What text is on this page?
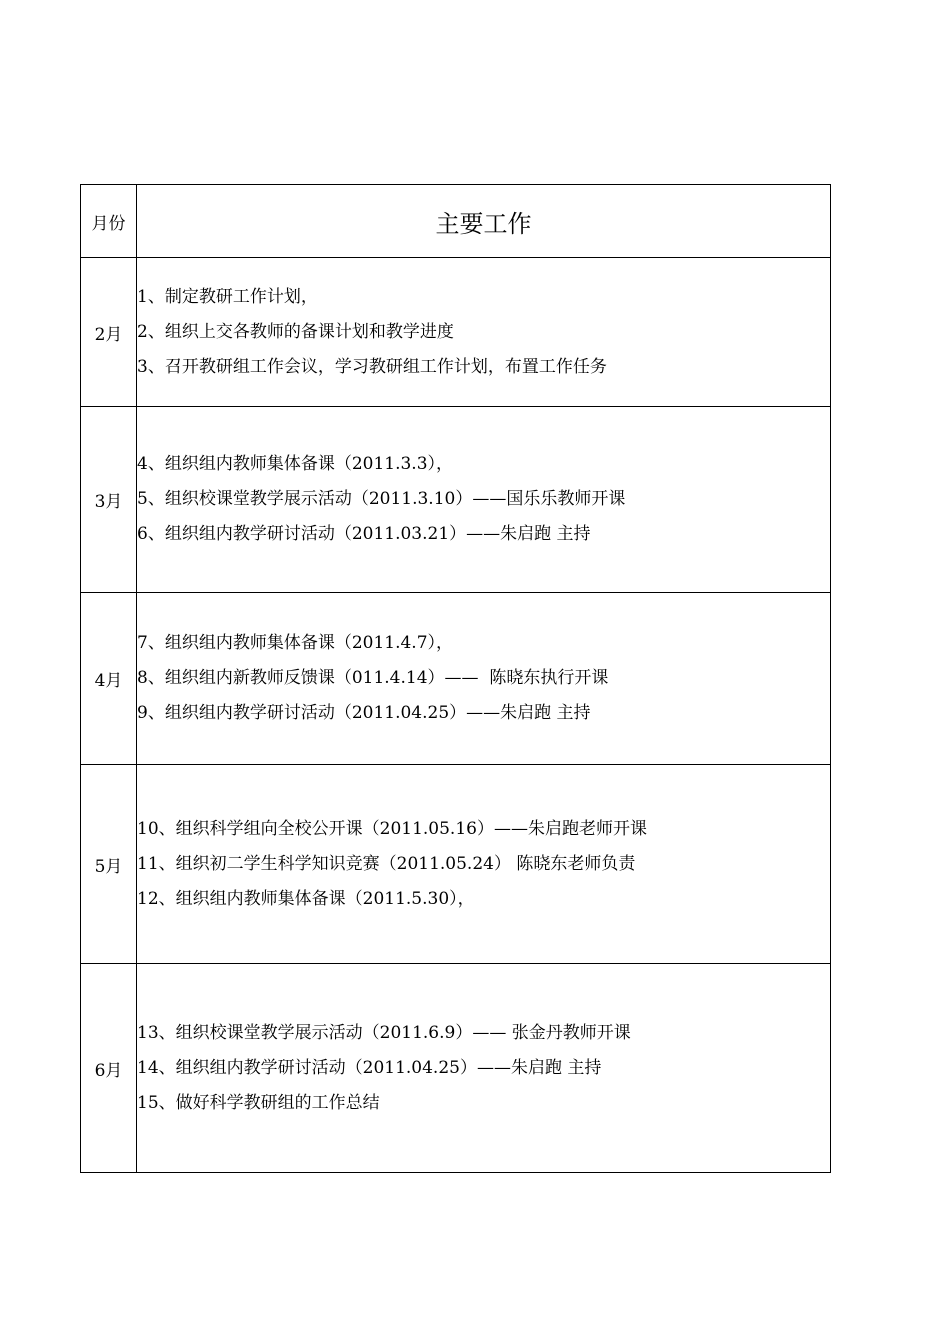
月份	主要工作
2月	1、制定教研工作计划，
2、组织上交各教师的备课计划和教学进度
3、召开教研组工作会议，学习教研组工作计划，布置工作任务

3月	4、组织组内教师集体备课（2011.3.3），
5、组织校课堂教学展示活动（2011.3.10）——国乐乐教师开课
6、组织组内教学研讨活动（2011.03.21）——朱启跑 主持

4月	7、组织组内教师集体备课（2011.4.7），
8、组织组内新教师反馈课（011.4.14）——  陈晓东执行开课
9、组织组内教学研讨活动（2011.04.25）——朱启跑 主持

5月	10、组织科学组向全校公开课（2011.05.16）——朱启跑老师开课
11、组织初二学生科学知识竞赛（2011.05.24） 陈晓东老师负责
12、组织组内教师集体备课（2011.5.30），

6月	13、组织校课堂教学展示活动（2011.6.9）—— 张金丹教师开课
14、组织组内教学研讨活动（2011.04.25）——朱启跑 主持
15、做好科学教研组的工作总结
